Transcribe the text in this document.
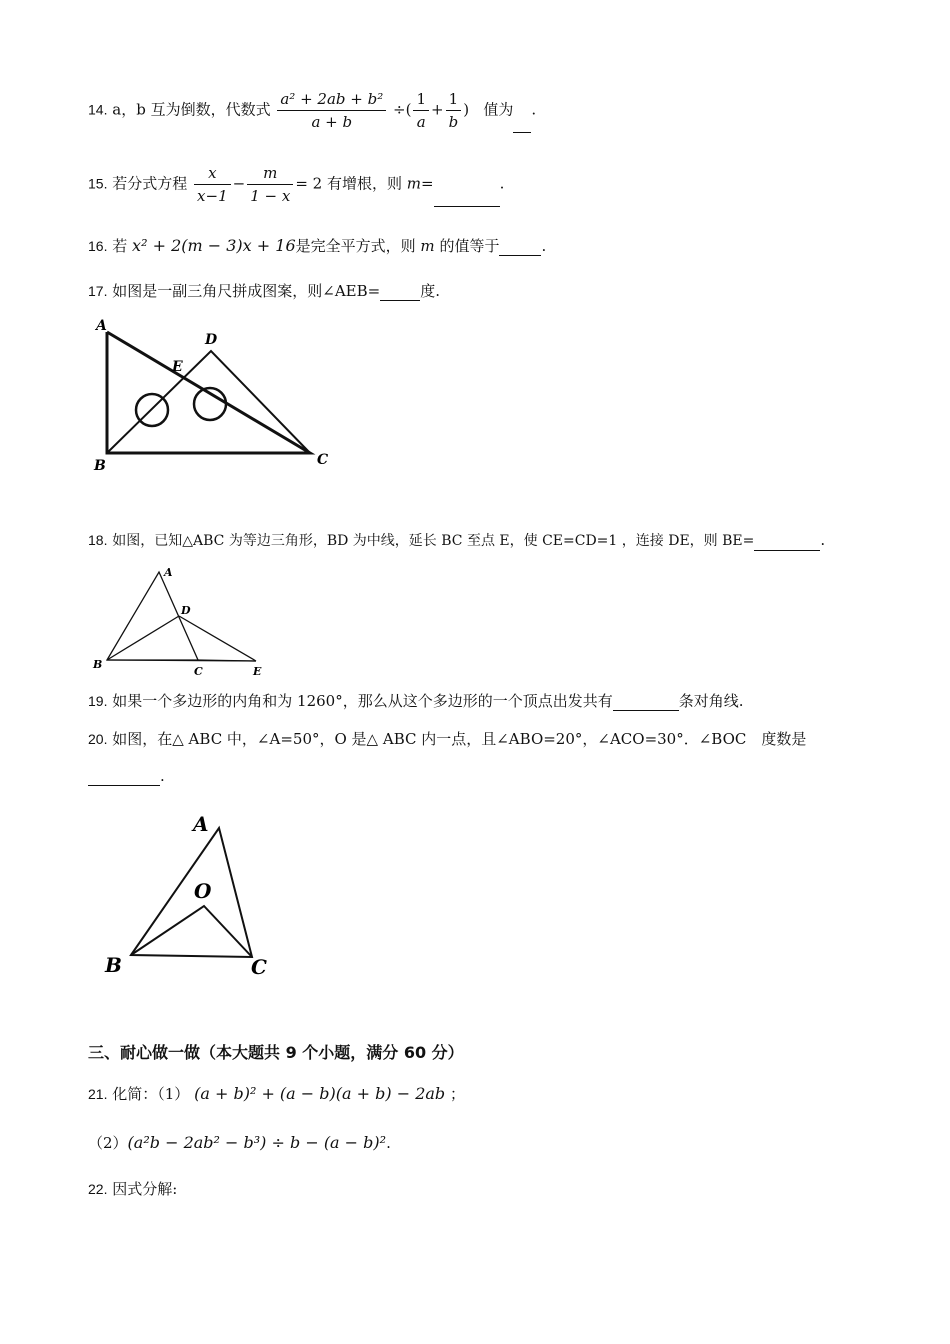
14. a，b 互为倒数，代数式 $\frac{\text{a² + 2ab + b²}}{a + b}$ ÷( $\frac{1}{a} + \frac{1}{b}$ ) 值为 .
15. 若分式方程 $\frac{x}{x-1} - \frac{m}{1 - x} = 2$ 有增根，则 m=	.
16. 若 x² + 2(m − 3)x + 16是完全平方式，则 m 的值等于	.
17. 如图是一副三角尺拼成图案，则∠AEB=	度.
A
B	C
D
E
18. 如图，已知△ABC 为等边三角形，BD 为中线，延长 BC 至点 E，使 CE=CD=1 ，连接 DE，则 BE=	.
A
B
C
D
E
19. 如果一个多边形的内角和为 1260°，那么从这个多边形的一个顶点出发共有	条对角线.
20. 如图，在△ ABC 中，∠A=50°，O 是△ ABC 内一点，且∠ABO=20°，∠ACO=30°．∠BOC　度数是
.
A
B	C
O
三、耐心做一做（本大题共 9 个小题，满分 60 分）
21. 化简：（1） (a + b)² + (a − b)(a + b) − 2ab ；
（2）(a²b − 2ab² − b³) ÷ b − (a − b)².
22. 因式分解:
